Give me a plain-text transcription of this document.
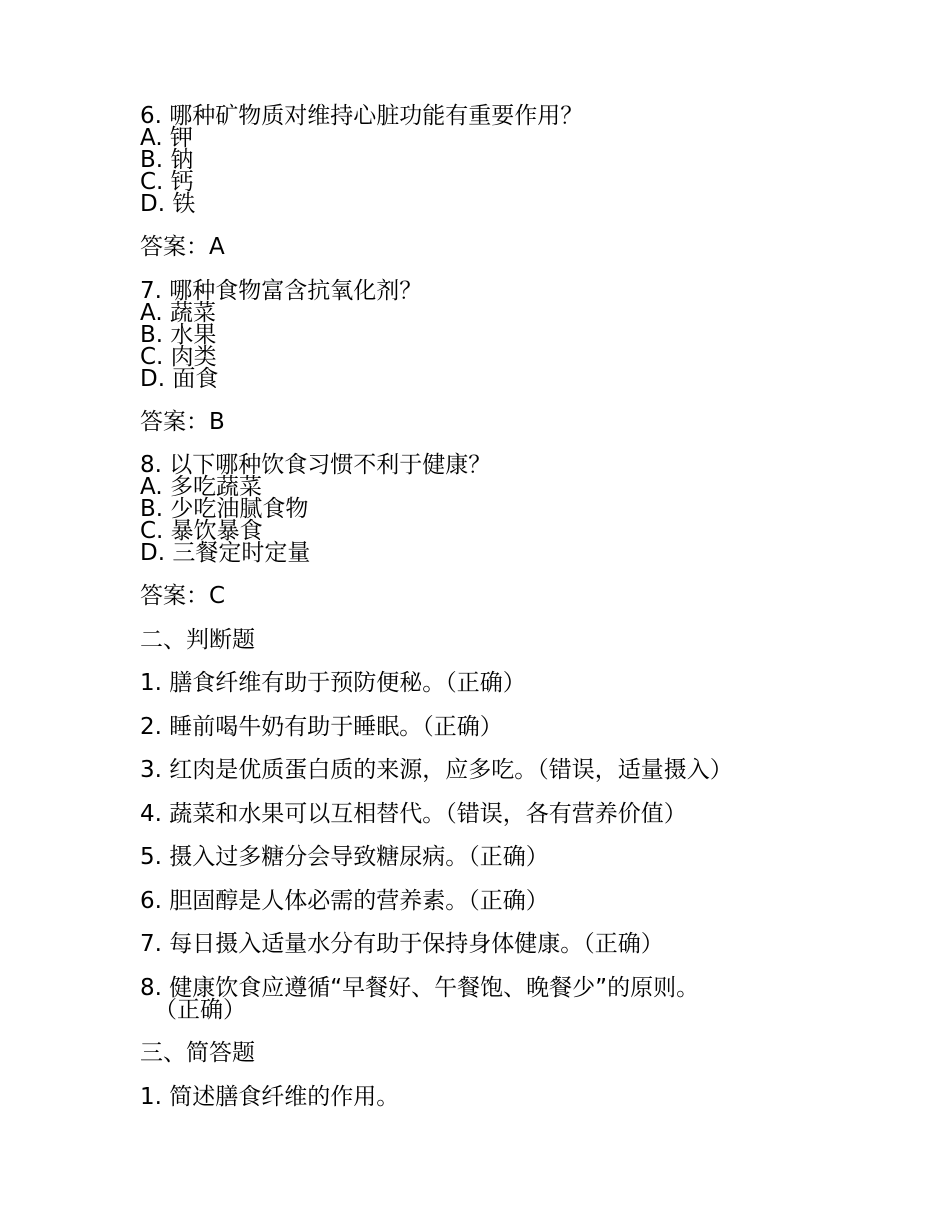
6. 哪种矿物质对维持心脏功能有重要作用？
A. 钾
B. 钠
C. 钙
D. 铁
答案：A
7. 哪种食物富含抗氧化剂？
A. 蔬菜
B. 水果
C. 肉类
D. 面食
答案：B
8. 以下哪种饮食习惯不利于健康？
A. 多吃蔬菜
B. 少吃油腻食物
C. 暴饮暴食
D. 三餐定时定量
答案：C
二、判断题
1. 膳食纤维有助于预防便秘。（正确）
2. 睡前喝牛奶有助于睡眠。（正确）
3. 红肉是优质蛋白质的来源，应多吃。（错误，适量摄入）
4. 蔬菜和水果可以互相替代。（错误，各有营养价值）
5. 摄入过多糖分会导致糖尿病。（正确）
6. 胆固醇是人体必需的营养素。（正确）
7. 每日摄入适量水分有助于保持身体健康。（正确）
8. 健康饮食应遵循“早餐好、午餐饱、晚餐少”的原则。
（正确）
三、简答题
1. 简述膳食纤维的作用。
